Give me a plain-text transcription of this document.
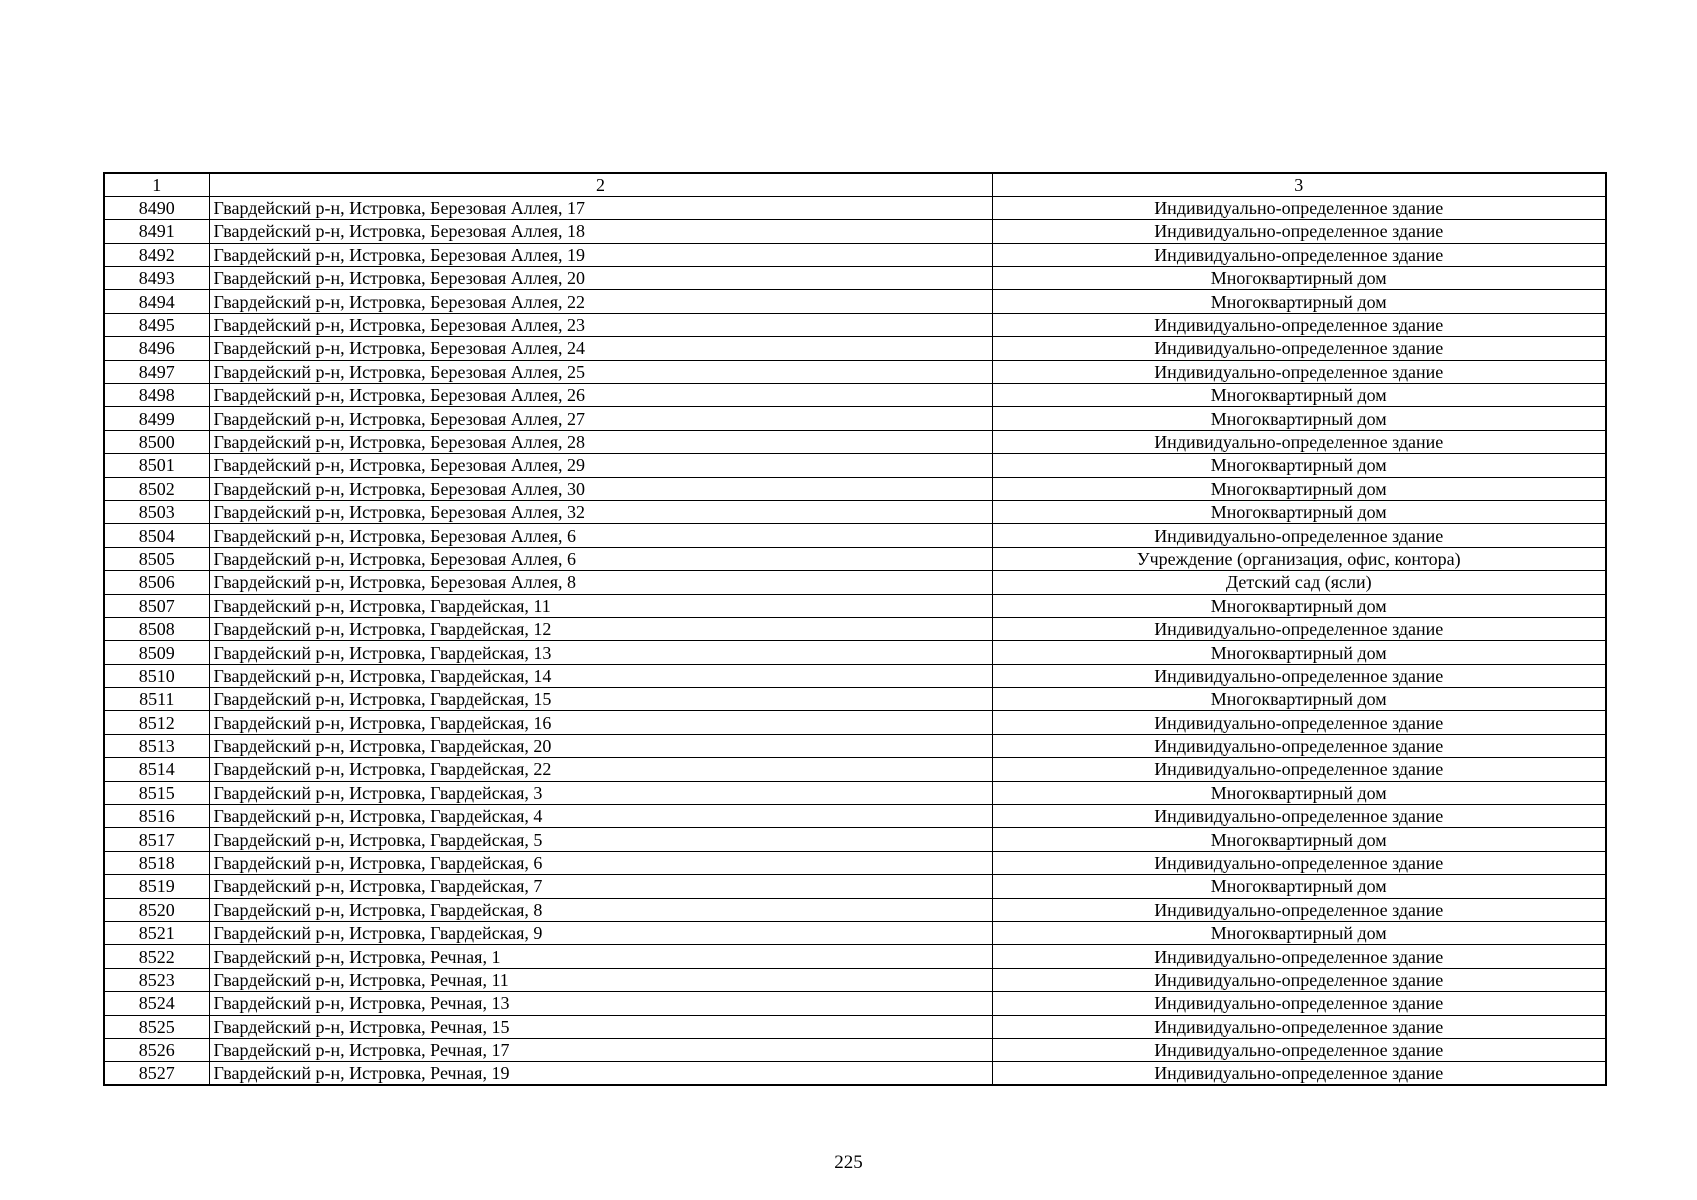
1	2	3
8490	Гвардейский р-н, Истровка, Березовая Аллея, 17	Индивидуально-определенное здание
8491	Гвардейский р-н, Истровка, Березовая Аллея, 18	Индивидуально-определенное здание
8492	Гвардейский р-н, Истровка, Березовая Аллея, 19	Индивидуально-определенное здание
8493	Гвардейский р-н, Истровка, Березовая Аллея, 20	Многоквартирный дом
8494	Гвардейский р-н, Истровка, Березовая Аллея, 22	Многоквартирный дом
8495	Гвардейский р-н, Истровка, Березовая Аллея, 23	Индивидуально-определенное здание
8496	Гвардейский р-н, Истровка, Березовая Аллея, 24	Индивидуально-определенное здание
8497	Гвардейский р-н, Истровка, Березовая Аллея, 25	Индивидуально-определенное здание
8498	Гвардейский р-н, Истровка, Березовая Аллея, 26	Многоквартирный дом
8499	Гвардейский р-н, Истровка, Березовая Аллея, 27	Многоквартирный дом
8500	Гвардейский р-н, Истровка, Березовая Аллея, 28	Индивидуально-определенное здание
8501	Гвардейский р-н, Истровка, Березовая Аллея, 29	Многоквартирный дом
8502	Гвардейский р-н, Истровка, Березовая Аллея, 30	Многоквартирный дом
8503	Гвардейский р-н, Истровка, Березовая Аллея, 32	Многоквартирный дом
8504	Гвардейский р-н, Истровка, Березовая Аллея, 6	Индивидуально-определенное здание
8505	Гвардейский р-н, Истровка, Березовая Аллея, 6	Учреждение (организация, офис, контора)
8506	Гвардейский р-н, Истровка, Березовая Аллея, 8	Детский сад (ясли)
8507	Гвардейский р-н, Истровка, Гвардейская, 11	Многоквартирный дом
8508	Гвардейский р-н, Истровка, Гвардейская, 12	Индивидуально-определенное здание
8509	Гвардейский р-н, Истровка, Гвардейская, 13	Многоквартирный дом
8510	Гвардейский р-н, Истровка, Гвардейская, 14	Индивидуально-определенное здание
8511	Гвардейский р-н, Истровка, Гвардейская, 15	Многоквартирный дом
8512	Гвардейский р-н, Истровка, Гвардейская, 16	Индивидуально-определенное здание
8513	Гвардейский р-н, Истровка, Гвардейская, 20	Индивидуально-определенное здание
8514	Гвардейский р-н, Истровка, Гвардейская, 22	Индивидуально-определенное здание
8515	Гвардейский р-н, Истровка, Гвардейская, 3	Многоквартирный дом
8516	Гвардейский р-н, Истровка, Гвардейская, 4	Индивидуально-определенное здание
8517	Гвардейский р-н, Истровка, Гвардейская, 5	Многоквартирный дом
8518	Гвардейский р-н, Истровка, Гвардейская, 6	Индивидуально-определенное здание
8519	Гвардейский р-н, Истровка, Гвардейская, 7	Многоквартирный дом
8520	Гвардейский р-н, Истровка, Гвардейская, 8	Индивидуально-определенное здание
8521	Гвардейский р-н, Истровка, Гвардейская, 9	Многоквартирный дом
8522	Гвардейский р-н, Истровка, Речная, 1	Индивидуально-определенное здание
8523	Гвардейский р-н, Истровка, Речная, 11	Индивидуально-определенное здание
8524	Гвардейский р-н, Истровка, Речная, 13	Индивидуально-определенное здание
8525	Гвардейский р-н, Истровка, Речная, 15	Индивидуально-определенное здание
8526	Гвардейский р-н, Истровка, Речная, 17	Индивидуально-определенное здание
8527	Гвардейский р-н, Истровка, Речная, 19	Индивидуально-определенное здание
225
